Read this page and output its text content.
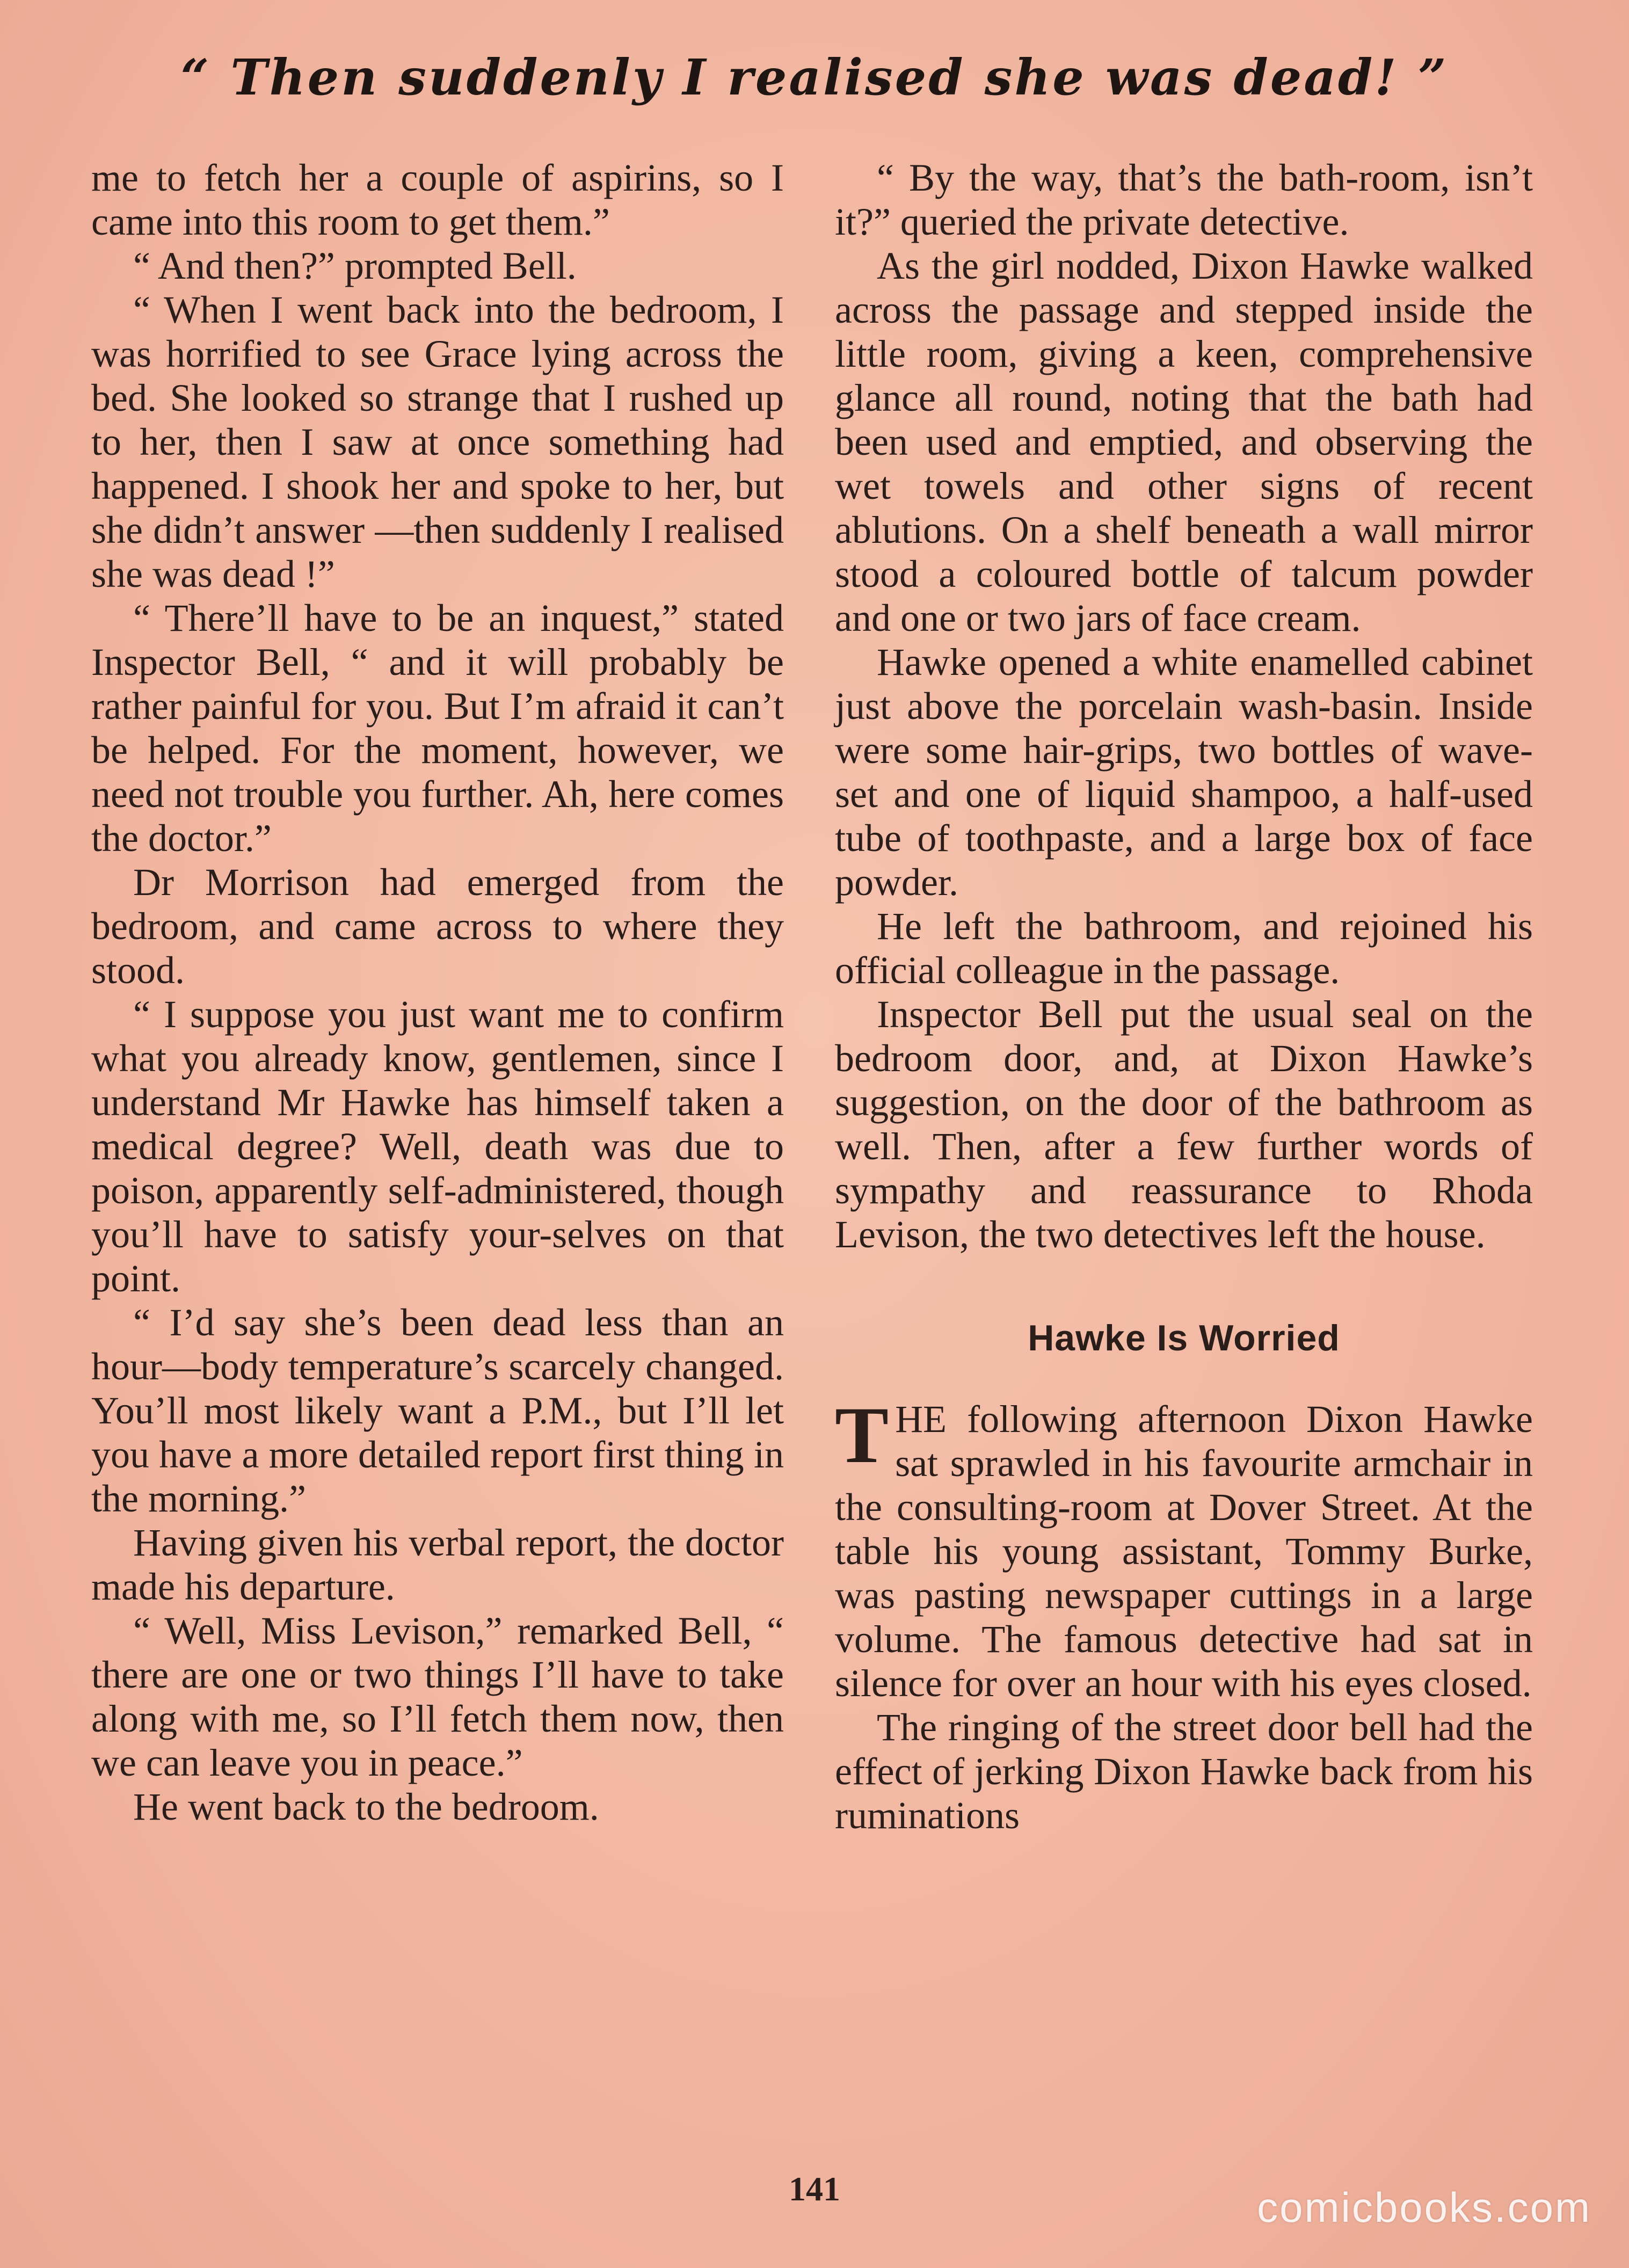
“ Then suddenly I realised she was dead! ”

me to fetch her a couple of aspirins, so I came into this room to get them.”

“ And then?” prompted Bell.

“ When I went back into the bedroom, I was horrified to see Grace lying across the bed. She looked so strange that I rushed up to her, then I saw at once something had happened. I shook her and spoke to her, but she didn’t answer —then suddenly I realised she was dead !”

“ There’ll have to be an inquest,” stated Inspector Bell, “ and it will probably be rather painful for you. But I’m afraid it can’t be helped. For the moment, however, we need not trouble you further. Ah, here comes the doctor.”

Dr Morrison had emerged from the bedroom, and came across to where they stood.

“ I suppose you just want me to confirm what you already know, gentlemen, since I understand Mr Hawke has himself taken a medical degree? Well, death was due to poison, apparently self-administered, though you’ll have to satisfy your-selves on that point.

“ I’d say she’s been dead less than an hour—body temperature’s scarcely changed. You’ll most likely want a P.M., but I’ll let you have a more detailed report first thing in the morning.”

Having given his verbal report, the doctor made his departure.

“ Well, Miss Levison,” remarked Bell, “ there are one or two things I’ll have to take along with me, so I’ll fetch them now, then we can leave you in peace.”

He went back to the bedroom.

“ By the way, that’s the bath-room, isn’t it?” queried the private detective.

As the girl nodded, Dixon Hawke walked across the passage and stepped inside the little room, giving a keen, comprehensive glance all round, noting that the bath had been used and emptied, and observing the wet towels and other signs of recent ablutions. On a shelf beneath a wall mirror stood a coloured bottle of talcum powder and one or two jars of face cream.

Hawke opened a white enamelled cabinet just above the porcelain wash-basin. Inside were some hair-grips, two bottles of wave-set and one of liquid shampoo, a half-used tube of toothpaste, and a large box of face powder.

He left the bathroom, and rejoined his official colleague in the passage.

Inspector Bell put the usual seal on the bedroom door, and, at Dixon Hawke’s suggestion, on the door of the bathroom as well. Then, after a few further words of sympathy and reassurance to Rhoda Levison, the two detectives left the house.

Hawke Is Worried

THE following afternoon Dixon Hawke sat sprawled in his favourite armchair in the consulting-room at Dover Street. At the table his young assistant, Tommy Burke, was pasting newspaper cuttings in a large volume. The famous detective had sat in silence for over an hour with his eyes closed.

The ringing of the street door bell had the effect of jerking Dixon Hawke back from his ruminations

141	comicbooks.com
